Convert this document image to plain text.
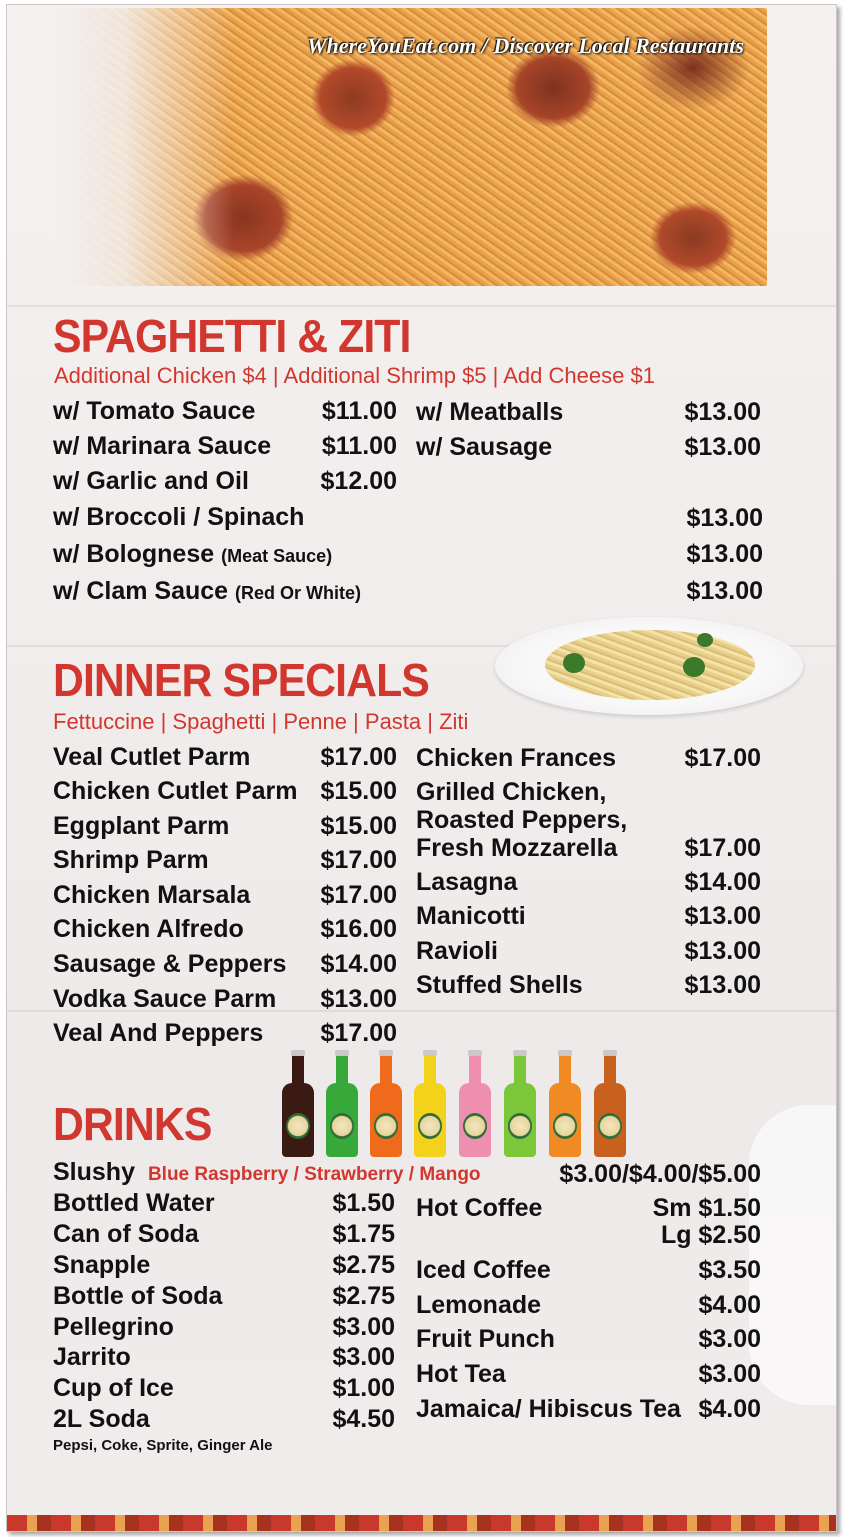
WhereYouEat.com / Discover Local Restaurants
SPAGHETTI & ZITI
Additional Chicken $4 | Additional Shrimp $5 | Add Cheese $1
w/ Tomato Sauce	$11.00
w/ Marinara Sauce	$11.00
w/ Garlic and Oil	$12.00
w/ Meatballs	$13.00
w/ Sausage	$13.00
w/ Broccoli / Spinach	$13.00
w/ Bolognese (Meat Sauce)	$13.00
w/ Clam Sauce (Red Or White)	$13.00
DINNER SPECIALS
Fettuccine | Spaghetti | Penne | Pasta | Ziti
Veal Cutlet Parm	$17.00
Chicken Cutlet Parm $15.00
Eggplant Parm	$15.00
Shrimp Parm	$17.00
Chicken Marsala	$17.00
Chicken Alfredo	$16.00
Sausage & Peppers	$14.00
Vodka Sauce Parm	$13.00
Veal And Peppers	$17.00
Chicken Frances	$17.00
Grilled Chicken,
Roasted Peppers,
Fresh Mozzarella	$17.00
Lasagna	$14.00
Manicotti	$13.00
Ravioli	$13.00
Stuffed Shells	$13.00
DRINKS
Slushy Blue Raspberry / Strawberry / Mango	$3.00/$4.00/$5.00
Bottled Water	$1.50
Can of Soda	$1.75
Snapple	$2.75
Bottle of Soda	$2.75
Pellegrino	$3.00
Jarrito	$3.00
Cup of Ice	$1.00
2L Soda	$4.50
Pepsi, Coke, Sprite, Ginger Ale
Hot Coffee	Sm $1.50
Lg $2.50
Iced Coffee	$3.50
Lemonade	$4.00
Fruit Punch	$3.00
Hot Tea	$3.00
Jamaica/ Hibiscus Tea $4.00
